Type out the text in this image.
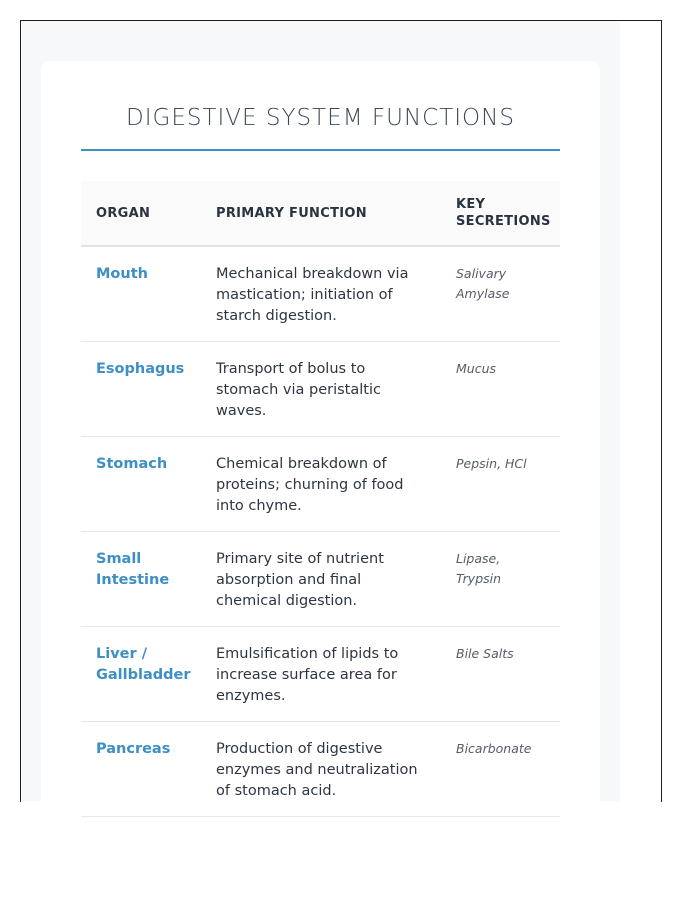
DIGESTIVE SYSTEM FUNCTIONS
ORGAN	PRIMARY FUNCTION	KEY SECRETIONS
Mouth	Mechanical breakdown via mastication; initiation of starch digestion.	Salivary Amylase
Esophagus	Transport of bolus to stomach via peristaltic waves.	Mucus
Stomach	Chemical breakdown of proteins; churning of food into chyme.	Pepsin, HCl
Small Intestine	Primary site of nutrient absorption and final chemical digestion.	Lipase, Trypsin
Liver / Gallbladder	Emulsification of lipids to increase surface area for enzymes.	Bile Salts
Pancreas	Production of digestive enzymes and neutralization of stomach acid.	Bicarbonate
